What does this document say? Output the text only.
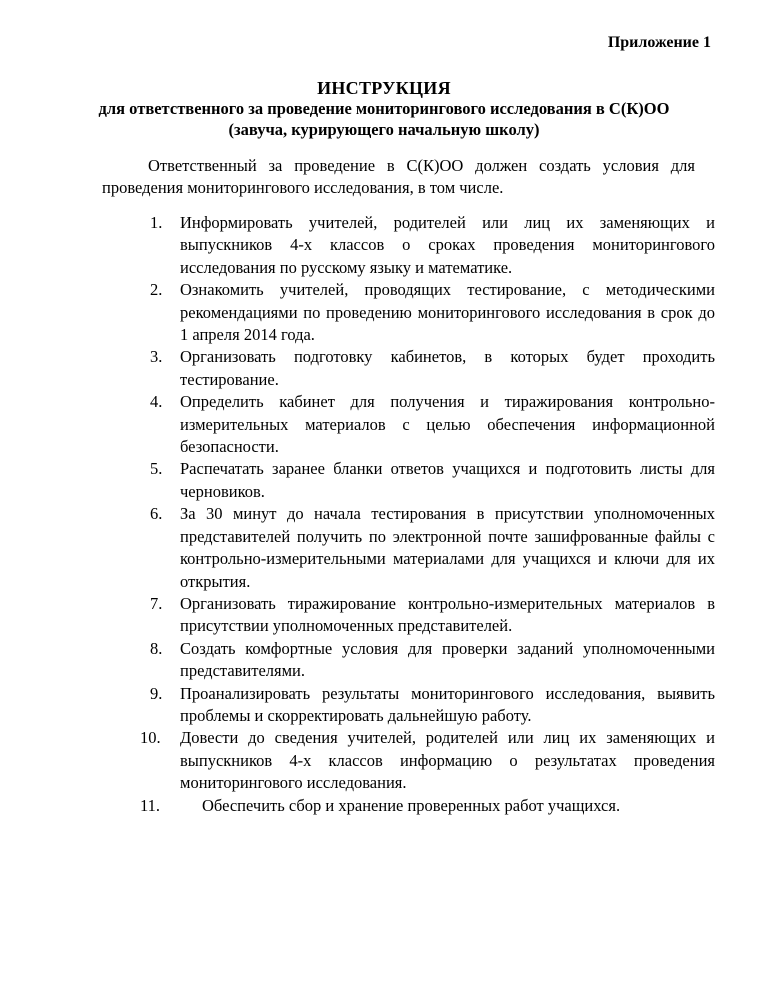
Приложение 1
ИНСТРУКЦИЯ
для ответственного за проведение мониторингового исследования в С(К)ОО (завуча, курирующего начальную школу)
Ответственный за проведение в С(К)ОО должен создать условия для проведения мониторингового исследования, в том числе.
1.	Информировать учителей, родителей или лиц их заменяющих и выпускников 4-х классов о сроках проведения мониторингового исследования по русскому языку и математике.
2.	Ознакомить учителей, проводящих тестирование, с методическими рекомендациями по проведению мониторингового исследования в срок до 1 апреля 2014 года.
3.	Организовать подготовку кабинетов, в которых будет проходить тестирование.
4.	Определить кабинет для получения и тиражирования контрольно-измерительных материалов с целью обеспечения информационной безопасности.
5.	Распечатать заранее бланки ответов учащихся и подготовить листы для черновиков.
6.	За 30 минут до начала тестирования в присутствии уполномоченных представителей получить по электронной почте зашифрованные файлы с контрольно-измерительными материалами для учащихся и ключи для их открытия.
7.	Организовать тиражирование контрольно-измерительных материалов в присутствии уполномоченных представителей.
8.	Создать комфортные условия для проверки заданий уполномоченными представителями.
9.	Проанализировать результаты мониторингового исследования, выявить проблемы и скорректировать дальнейшую работу.
10.	Довести до сведения учителей, родителей или лиц их заменяющих и выпускников 4-х классов информацию о результатах проведения мониторингового исследования.
11.	Обеспечить сбор и хранение проверенных работ учащихся.
